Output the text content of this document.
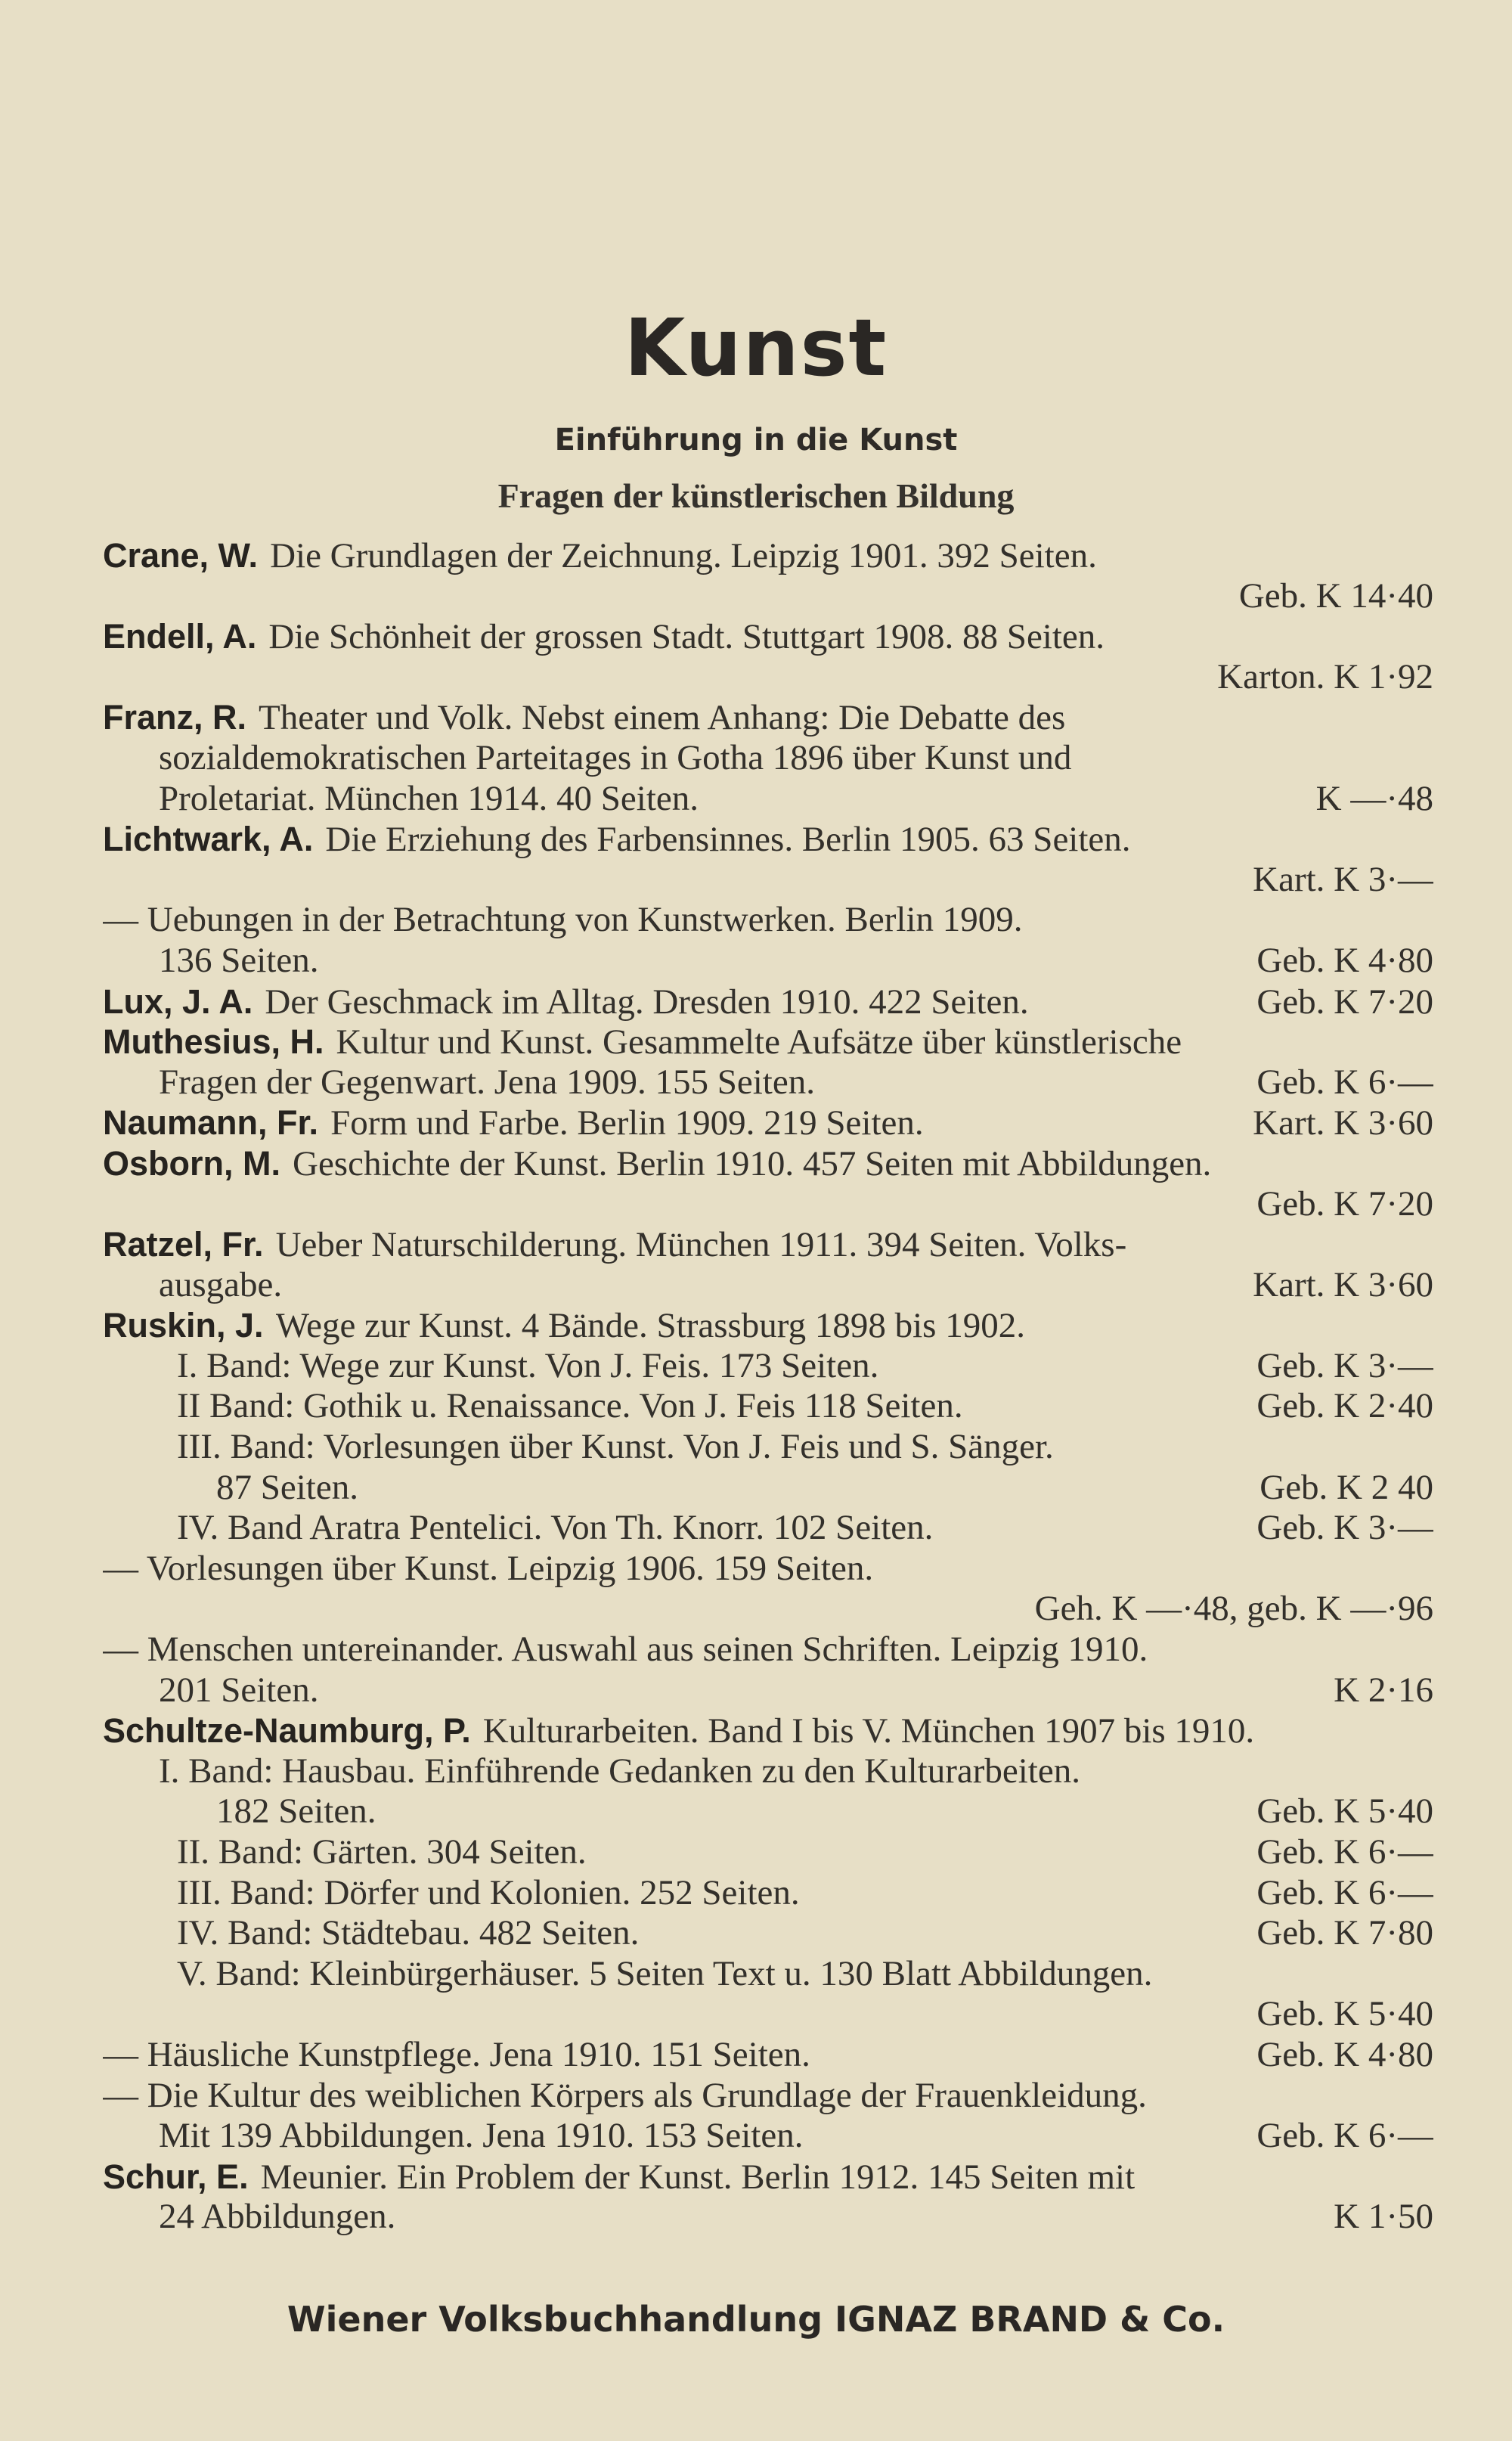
Kunst
Einführung in die Kunst
Fragen der künstlerischen Bildung
Crane, W. Die Grundlagen der Zeichnung. Leipzig 1901. 392 Seiten.
Geb. K 14·40
Endell, A. Die Schönheit der grossen Stadt. Stuttgart 1908. 88 Seiten.
Karton. K 1·92
Franz, R. Theater und Volk. Nebst einem Anhang: Die Debatte des
sozialdemokratischen Parteitages in Gotha 1896 über Kunst und
Proletariat. München 1914. 40 Seiten.	K —·48
Lichtwark, A. Die Erziehung des Farbensinnes. Berlin 1905. 63 Seiten.
Kart. K 3·—
— Uebungen in der Betrachtung von Kunstwerken. Berlin 1909.
136 Seiten.	Geb. K 4·80
Lux, J. A. Der Geschmack im Alltag. Dresden 1910. 422 Seiten.	Geb. K 7·20
Muthesius, H. Kultur und Kunst. Gesammelte Aufsätze über künstlerische
Fragen der Gegenwart. Jena 1909. 155 Seiten.	Geb. K 6·—
Naumann, Fr. Form und Farbe. Berlin 1909. 219 Seiten.	Kart. K 3·60
Osborn, M. Geschichte der Kunst. Berlin 1910. 457 Seiten mit Abbildungen.
Geb. K 7·20
Ratzel, Fr. Ueber Naturschilderung. München 1911. 394 Seiten. Volks-
ausgabe.	Kart. K 3·60
Ruskin, J. Wege zur Kunst. 4 Bände. Strassburg 1898 bis 1902.
I. Band: Wege zur Kunst. Von J. Feis. 173 Seiten.	Geb. K 3·—
II Band: Gothik u. Renaissance. Von J. Feis 118 Seiten.	Geb. K 2·40
III. Band: Vorlesungen über Kunst. Von J. Feis und S. Sänger.
87 Seiten.	Geb. K 2 40
IV. Band Aratra Pentelici. Von Th. Knorr. 102 Seiten.	Geb. K 3·—
— Vorlesungen über Kunst. Leipzig 1906. 159 Seiten.
Geh. K —·48, geb. K —·96
— Menschen untereinander. Auswahl aus seinen Schriften. Leipzig 1910.
201 Seiten.	K 2·16
Schultze-Naumburg, P. Kulturarbeiten. Band I bis V. München 1907 bis 1910.
I. Band: Hausbau. Einführende Gedanken zu den Kulturarbeiten.
182 Seiten.	Geb. K 5·40
II. Band: Gärten. 304 Seiten.	Geb. K 6·—
III. Band: Dörfer und Kolonien. 252 Seiten.	Geb. K 6·—
IV. Band: Städtebau. 482 Seiten.	Geb. K 7·80
V. Band: Kleinbürgerhäuser. 5 Seiten Text u. 130 Blatt Abbildungen.
Geb. K 5·40
— Häusliche Kunstpflege. Jena 1910. 151 Seiten.	Geb. K 4·80
— Die Kultur des weiblichen Körpers als Grundlage der Frauenkleidung.
Mit 139 Abbildungen. Jena 1910. 153 Seiten.	Geb. K 6·—
Schur, E. Meunier. Ein Problem der Kunst. Berlin 1912. 145 Seiten mit
24 Abbildungen.	K 1·50
Wiener Volksbuchhandlung IGNAZ BRAND & Co.
